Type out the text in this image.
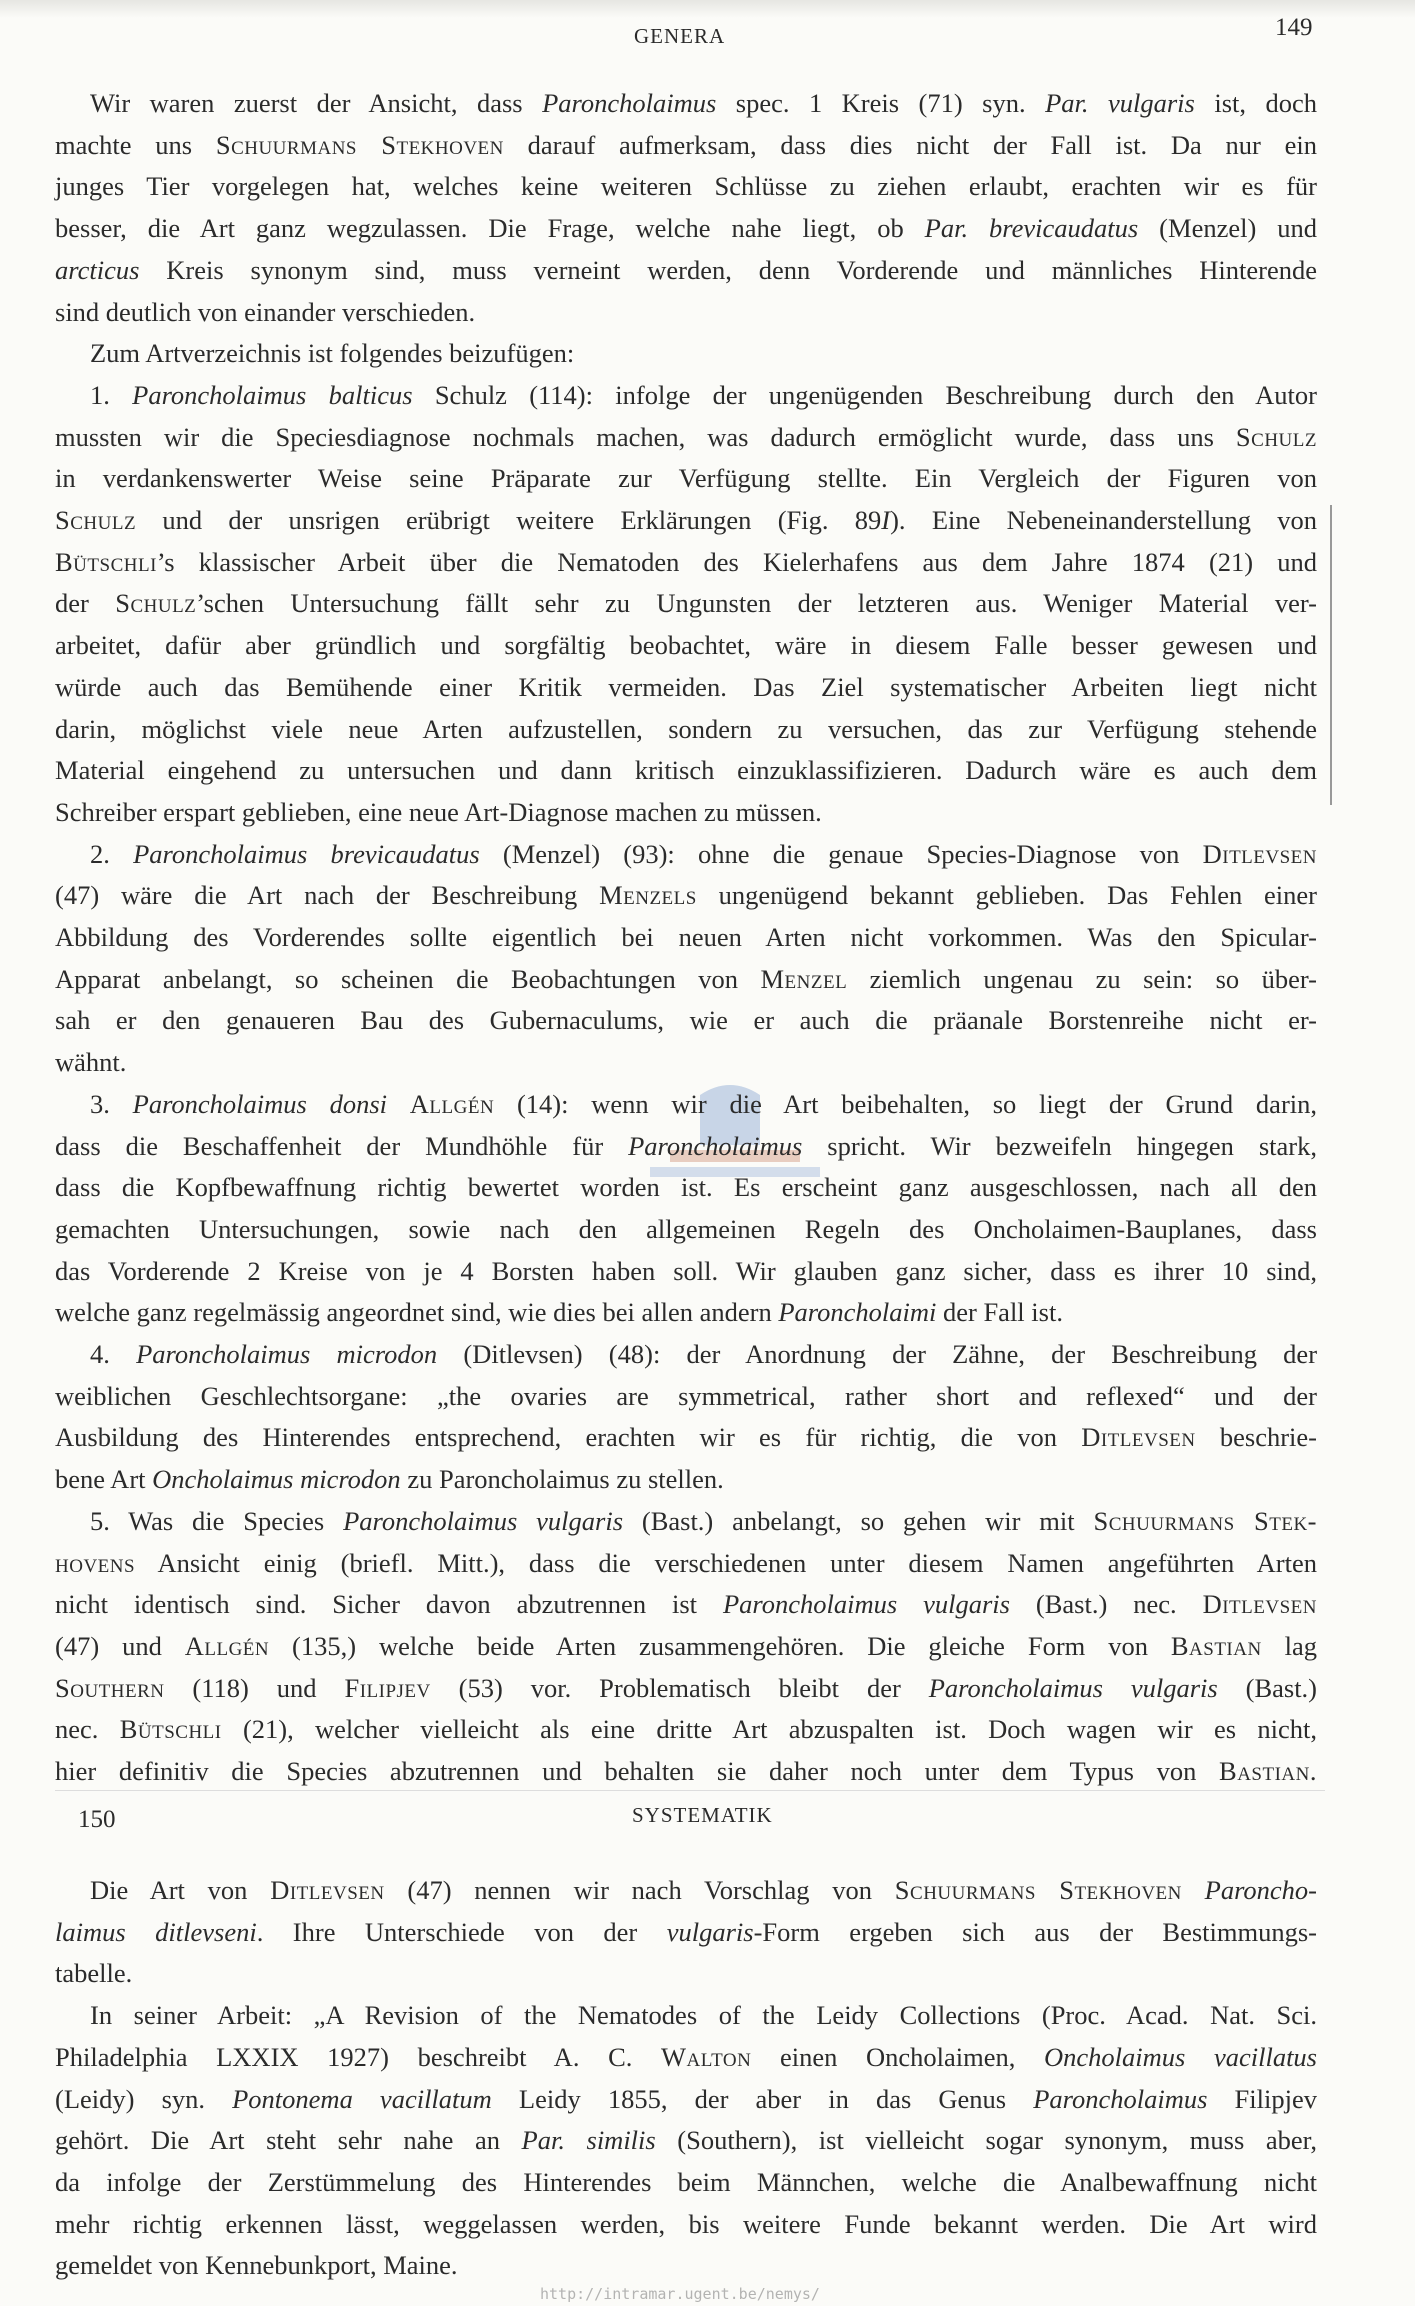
GENERA	149
Wir waren zuerst der Ansicht, dass Paroncholaimus spec. 1 Kreis (71) syn. Par. vulgaris ist, doch
machte uns Schuurmans Stekhoven darauf aufmerksam, dass dies nicht der Fall ist. Da nur ein
junges Tier vorgelegen hat, welches keine weiteren Schlüsse zu ziehen erlaubt, erachten wir es für
besser, die Art ganz wegzulassen. Die Frage, welche nahe liegt, ob Par. brevicaudatus (Menzel) und
arcticus Kreis synonym sind, muss verneint werden, denn Vorderende und männliches Hinterende
sind deutlich von einander verschieden.
Zum Artverzeichnis ist folgendes beizufügen:
1. Paroncholaimus balticus Schulz (114): infolge der ungenügenden Beschreibung durch den Autor
mussten wir die Speciesdiagnose nochmals machen, was dadurch ermöglicht wurde, dass uns Schulz
in verdankenswerter Weise seine Präparate zur Verfügung stellte. Ein Vergleich der Figuren von
Schulz und der unsrigen erübrigt weitere Erklärungen (Fig. 89I). Eine Nebeneinanderstellung von
Bütschli’s klassischer Arbeit über die Nematoden des Kielerhafens aus dem Jahre 1874 (21) und
der Schulz’schen Untersuchung fällt sehr zu Ungunsten der letzteren aus. Weniger Material ver-
arbeitet, dafür aber gründlich und sorgfältig beobachtet, wäre in diesem Falle besser gewesen und
würde auch das Bemühende einer Kritik vermeiden. Das Ziel systematischer Arbeiten liegt nicht
darin, möglichst viele neue Arten aufzustellen, sondern zu versuchen, das zur Verfügung stehende
Material eingehend zu untersuchen und dann kritisch einzuklassifizieren. Dadurch wäre es auch dem
Schreiber erspart geblieben, eine neue Art-Diagnose machen zu müssen.
2. Paroncholaimus brevicaudatus (Menzel) (93): ohne die genaue Species-Diagnose von Ditlevsen
(47) wäre die Art nach der Beschreibung Menzels ungenügend bekannt geblieben. Das Fehlen einer
Abbildung des Vorderendes sollte eigentlich bei neuen Arten nicht vorkommen. Was den Spicular-
Apparat anbelangt, so scheinen die Beobachtungen von Menzel ziemlich ungenau zu sein: so über-
sah er den genaueren Bau des Gubernaculums, wie er auch die präanale Borstenreihe nicht er-
wähnt.
3. Paroncholaimus donsi Allgén (14): wenn wir die Art beibehalten, so liegt der Grund darin,
dass die Beschaffenheit der Mundhöhle für Paroncholaimus spricht. Wir bezweifeln hingegen stark,
dass die Kopfbewaffnung richtig bewertet worden ist. Es erscheint ganz ausgeschlossen, nach all den
gemachten Untersuchungen, sowie nach den allgemeinen Regeln des Oncholaimen-Bauplanes, dass
das Vorderende 2 Kreise von je 4 Borsten haben soll. Wir glauben ganz sicher, dass es ihrer 10 sind,
welche ganz regelmässig angeordnet sind, wie dies bei allen andern Paroncholaimi der Fall ist.
4. Paroncholaimus microdon (Ditlevsen) (48): der Anordnung der Zähne, der Beschreibung der
weiblichen Geschlechtsorgane: „the ovaries are symmetrical, rather short and reflexed“ und der
Ausbildung des Hinterendes entsprechend, erachten wir es für richtig, die von Ditlevsen beschrie-
bene Art Oncholaimus microdon zu Paroncholaimus zu stellen.
5. Was die Species Paroncholaimus vulgaris (Bast.) anbelangt, so gehen wir mit Schuurmans Stek-
hovens Ansicht einig (briefl. Mitt.), dass die verschiedenen unter diesem Namen angeführten Arten
nicht identisch sind. Sicher davon abzutrennen ist Paroncholaimus vulgaris (Bast.) nec. Ditlevsen
(47) und Allgén (135,) welche beide Arten zusammengehören. Die gleiche Form von Bastian lag
Southern (118) und Filipjev (53) vor. Problematisch bleibt der Paroncholaimus vulgaris (Bast.)
nec. Bütschli (21), welcher vielleicht als eine dritte Art abzuspalten ist. Doch wagen wir es nicht,
hier definitiv die Species abzutrennen und behalten sie daher noch unter dem Typus von Bastian.
150	SYSTEMATIK
Die Art von Ditlevsen (47) nennen wir nach Vorschlag von Schuurmans Stekhoven Paroncho-
laimus ditlevseni. Ihre Unterschiede von der vulgaris-Form ergeben sich aus der Bestimmungs-
tabelle.
In seiner Arbeit: „A Revision of the Nematodes of the Leidy Collections (Proc. Acad. Nat. Sci.
Philadelphia LXXIX 1927) beschreibt A. C. Walton einen Oncholaimen, Oncholaimus vacillatus
(Leidy) syn. Pontonema vacillatum Leidy 1855, der aber in das Genus Paroncholaimus Filipjev
gehört. Die Art steht sehr nahe an Par. similis (Southern), ist vielleicht sogar synonym, muss aber,
da infolge der Zerstümmelung des Hinterendes beim Männchen, welche die Analbewaffnung nicht
mehr richtig erkennen lässt, weggelassen werden, bis weitere Funde bekannt werden. Die Art wird
gemeldet von Kennebunkport, Maine.
http://intramar.ugent.be/nemys/
